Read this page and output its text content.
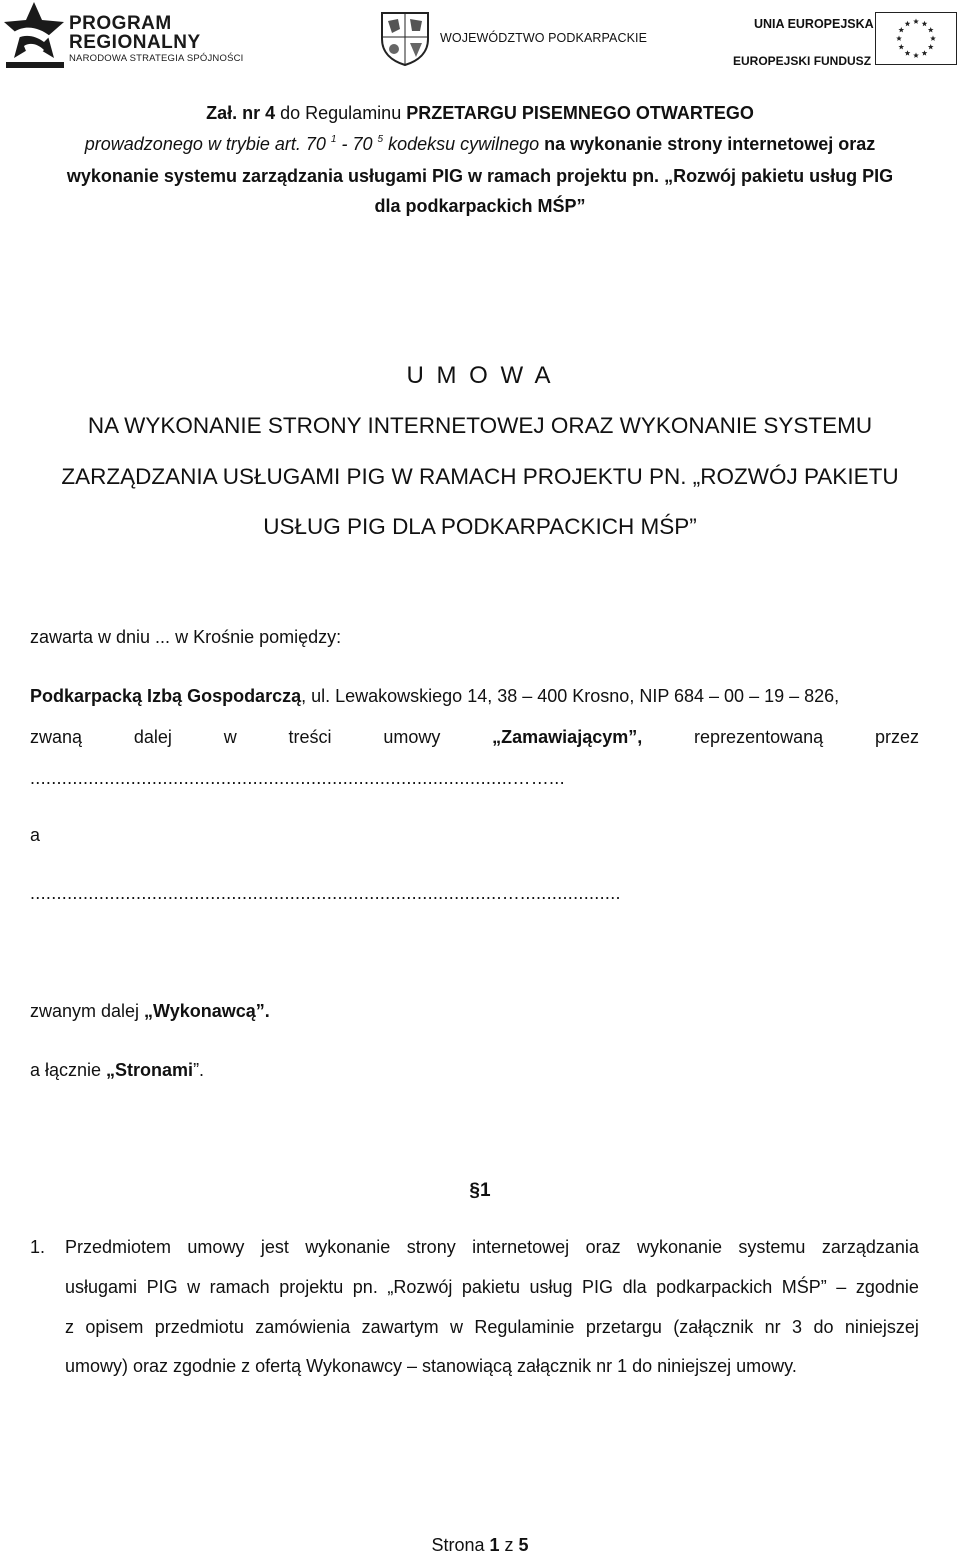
PROGRAM
REGIONALNY
NARODOWA STRATEGIA SPÓJNOŚCI
WOJEWÓDZTWO PODKARPACKIE
UNIA EUROPEJSKA
EUROPEJSKI FUNDUSZ
Zał. nr 4 do Regulaminu PRZETARGU PISEMNEGO OTWARTEGO
prowadzonego w trybie art. 70 $^1$ - 70 $^5$ kodeksu cywilnego na wykonanie strony internetowej oraz
wykonanie systemu zarządzania usługami PIG w ramach projektu pn. „Rozwój pakietu usług PIG
dla podkarpackich MŚP”
U M O W A
NA WYKONANIE STRONY INTERNETOWEJ ORAZ WYKONANIE SYSTEMU
ZARZĄDZANIA USŁUGAMI PIG W RAMACH PROJEKTU PN. „ROZWÓJ PAKIETU
USŁUG PIG DLA PODKARPACKICH MŚP”
zawarta w dniu ... w Krośnie pomiędzy:
Podkarpacką Izbą Gospodarczą, ul. Lewakowskiego 14, 38 – 400 Krosno, NIP 684 – 00 – 19 – 826,
zwaną	dalej	w	treści	umowy	„Zamawiającym”,	reprezentowaną	przez
...........................................................................................……...
a
.........................................................................................…...................
zwanym dalej „Wykonawcą”.
a łącznie „Stronami”.
§1
1. Przedmiotem umowy jest wykonanie strony internetowej oraz wykonanie systemu zarządzania
usługami PIG w ramach projektu pn. „Rozwój pakietu usług PIG dla podkarpackich MŚP” – zgodnie
z opisem przedmiotu zamówienia zawartym w Regulaminie przetargu (załącznik nr 3 do niniejszej
umowy) oraz zgodnie z ofertą Wykonawcy – stanowiącą załącznik nr 1 do niniejszej umowy.
Strona 1 z 5
